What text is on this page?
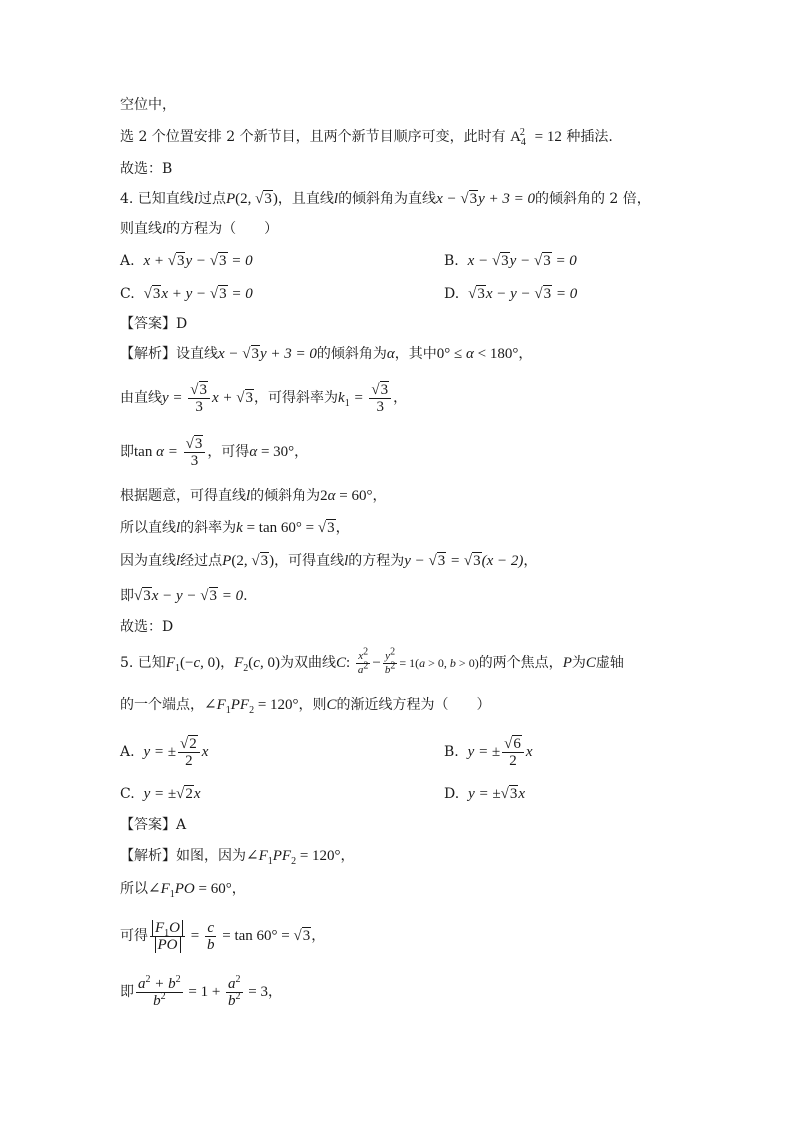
空位中，
选 2 个位置安排 2 个新节目，且两个新节目顺序可变，此时有 $A_4^2 = 12$ 种插法.
故选：B
4. 已知直线l过点P(2, √3)，且直线l的倾斜角为直线x − √3y + 3 = 0的倾斜角的 2 倍，
则直线l的方程为（　　）
A. x + √3y − √3 = 0	B. x − √3y − √3 = 0
C. √3x + y − √3 = 0	D. √3x − y − √3 = 0
【答案】D
【解析】设直线x − √3y + 3 = 0的倾斜角为α，其中0° ≤ α < 180°，
由直线$y = \frac{√3}{3}$ x + √3，可得斜率为$k_1 = \frac{√3}{3}$ ，
即$\tan \alpha = \frac{√3}{3}$ ，可得α = 30°，
根据题意，可得直线l的倾斜角为2α = 60°，
所以直线l的斜率为k = tan 60° = √3，
因为直线l经过点P(2, √3)，可得直线l的方程为y − √3 = √3(x − 2)，
即√3x − y − √3 = 0.
故选：D
5. 已知$F_1(-c$, 0)，$F_2(c$, 0)为双曲线C: $\frac{x^2}{a^2} - \frac{y^2}{b^2} = 1(a > 0$, b > 0)的两个焦点，P为C虚轴
的一个端点，$\angle F_1PF_2 = 120^\circ$，则C的渐近线方程为（　　）
A. y = ± $\frac{√2}{2}$ x	B. y = ± $\frac{√6}{2}$ x
C. y = ±√2x	D. y = ±√3x
【答案】A
【解析】如图，因为$\angle F_1PF_2 = 120^\circ$，
所以$\angle F_1PO = 60^\circ$，
可得 $\frac{F_1O}{PO} = \frac{c}{b} = \tan 60^\circ = √3$，
即 $\frac{a^2 + b^2}{b^2} = 1 + \frac{a^2}{b^2} = 3$，
